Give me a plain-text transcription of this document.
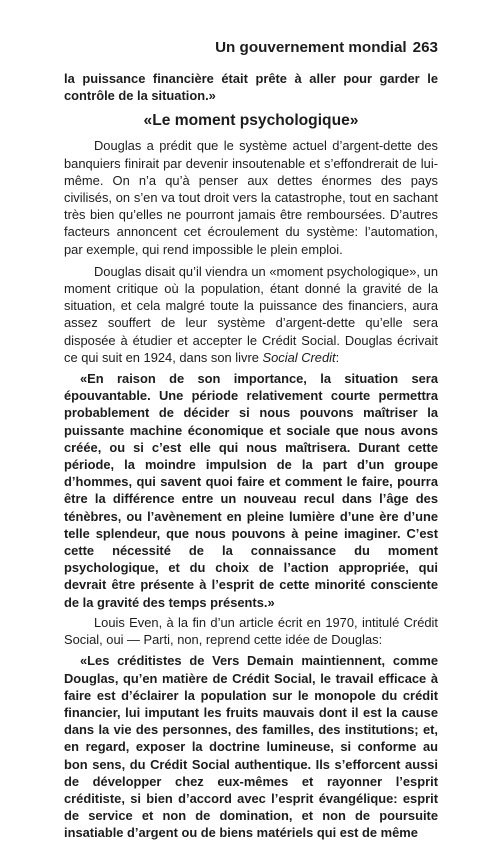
Un gouvernement mondial 263

la puissance financière était prête à aller pour garder le contrôle de la situation.»

«Le moment psychologique»

Douglas a prédit que le système actuel d’argent-dette des banquiers finirait par devenir insoutenable et s’effondrerait de lui-même. On n’a qu’à penser aux dettes énormes des pays civilisés, on s’en va tout droit vers la catastrophe, tout en sachant très bien qu’elles ne pourront jamais être remboursées. D’autres facteurs annoncent cet écroulement du système: l’automation, par exemple, qui rend impossible le plein emploi.

Douglas disait qu’il viendra un «moment psychologique», un moment critique où la population, étant donné la gravité de la situation, et cela malgré toute la puissance des financiers, aura assez souffert de leur système d’argent-dette qu’elle sera disposée à étudier et accepter le Crédit Social. Douglas écrivait ce qui suit en 1924, dans son livre Social Credit:

«En raison de son importance, la situation sera épouvantable. Une période relativement courte permettra probablement de décider si nous pouvons maîtriser la puissante machine économique et sociale que nous avons créée, ou si c’est elle qui nous maîtrisera. Durant cette période, la moindre impulsion de la part d’un groupe d’hommes, qui savent quoi faire et comment le faire, pourra être la différence entre un nouveau recul dans l’âge des ténèbres, ou l’avènement en pleine lumière d’une ère d’une telle splendeur, que nous pouvons à peine imaginer. C’est cette nécessité de la connaissance du moment psychologique, et du choix de l’action appropriée, qui devrait être présente à l’esprit de cette minorité consciente de la gravité des temps présents.»

Louis Even, à la fin d’un article écrit en 1970, intitulé Crédit Social, oui — Parti, non, reprend cette idée de Douglas:

«Les créditistes de Vers Demain maintiennent, comme Douglas, qu’en matière de Crédit Social, le travail efficace à faire est d’éclairer la population sur le monopole du crédit financier, lui imputant les fruits mauvais dont il est la cause dans la vie des personnes, des familles, des institutions; et, en regard, exposer la doctrine lumineuse, si conforme au bon sens, du Crédit Social authentique. Ils s’efforcent aussi de développer chez eux-mêmes et rayonner l’esprit créditiste, si bien d’accord avec l’esprit évangélique: esprit de service et non de domination, et non de poursuite insatiable d’argent ou de biens matériels qui est de même
